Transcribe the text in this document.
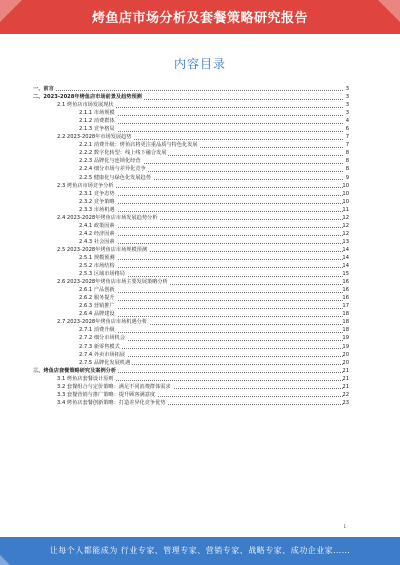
烤鱼店市场分析及套餐策略研究报告
内容目录
一、前言	3
二、2023-2028年烤鱼店市场前景及趋势预测	3
2.1 烤鱼店市场发展现状	3
2.1.1 市场规模	3
2.1.2 消费群体	4
2.1.3 竞争格局	6
2.2 2023-2028年市场发展趋势	7
2.2.1 消费升级：烤鱼店将更注重品质与特色化发展	7
2.2.2 数字化转型：线上线下融合发展	8
2.2.3 品牌化与连锁化经营	8
2.2.4 细分市场与差异化竞争	8
2.2.5 健康化与绿色化发展趋势	9
2.3 烤鱼店市场竞争分析	10
2.3.1 竞争态势	10
2.3.2 竞争策略	10
2.3.3 市场机遇	11
2.4 2023-2028年烤鱼店市场发展趋势分析	12
2.4.1 政策因素	12
2.4.2 经济因素	12
2.4.3 社会因素	13
2.5 2023-2028年烤鱼店市场规模预测	14
2.5.1 规模预测	14
2.5.2 市场结构	14
2.5.3 区域市场格局	15
2.6 2023-2028年烤鱼店市场主要发展策略分析	16
2.6.1 产品创新	16
2.6.2 服务提升	16
2.6.3 营销推广	17
2.6.4 品牌建设	18
2.7 2023-2028年烤鱼店市场机遇分析	18
2.7.1 消费升级	18
2.7.2 细分市场机会	19
2.7.3 新零售模式	19
2.7.4 外卖市场拓展	20
2.7.5 品牌化发展机遇	20
三、烤鱼店套餐策略研究及案例分析	21
3.1 烤鱼店套餐设计原则	21
3.2 套餐组合与定价策略：满足不同消费群体需求	21
3.3 套餐营销与推广策略：提升顾客满意度	22
3.4 烤鱼店套餐创新策略：打造差异化竞争优势	23
1
让每个人都能成为 行业专家、管理专家、营销专家、战略专家、成功企业家……
